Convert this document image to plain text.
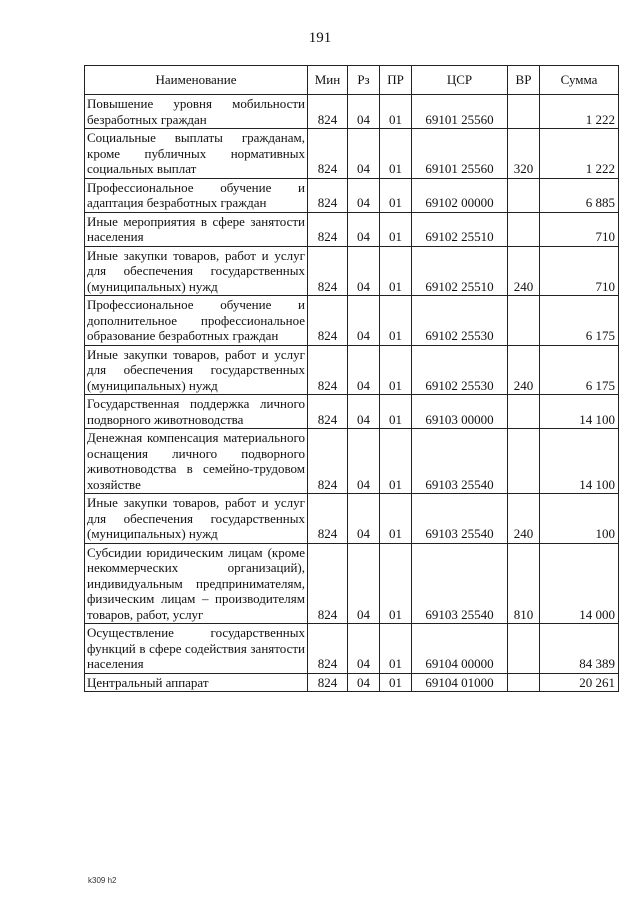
191
Наименование	Мин	Рз	ПР	ЦСР	ВР	Сумма
Повышение уровня мобильности безработных граждан	824	04	01	69101 25560		1 222
Социальные выплаты гражданам, кроме публичных нормативных социальных выплат	824	04	01	69101 25560	320	1 222
Профессиональное обучение и адаптация безработных граждан	824	04	01	69102 00000		6 885
Иные мероприятия в сфере занятости населения	824	04	01	69102 25510		710
Иные закупки товаров, работ и услуг для обеспечения государственных (муниципальных) нужд	824	04	01	69102 25510	240	710
Профессиональное обучение и дополнительное профессиональное образование безработных граждан	824	04	01	69102 25530		6 175
Иные закупки товаров, работ и услуг для обеспечения государственных (муниципальных) нужд	824	04	01	69102 25530	240	6 175
Государственная поддержка личного подворного животноводства	824	04	01	69103 00000		14 100
Денежная компенсация материального оснащения личного подворного животноводства в семейно-трудовом хозяйстве	824	04	01	69103 25540		14 100
Иные закупки товаров, работ и услуг для обеспечения государственных (муниципальных) нужд	824	04	01	69103 25540	240	100
Субсидии юридическим лицам (кроме некоммерческих организаций), индивидуальным предпринимателям, физическим лицам – производителям товаров, работ, услуг	824	04	01	69103 25540	810	14 000
Осуществление государственных функций в сфере содействия занятости населения	824	04	01	69104 00000		84 389
Центральный аппарат	824	04	01	69104 01000		20 261
k309 h2
